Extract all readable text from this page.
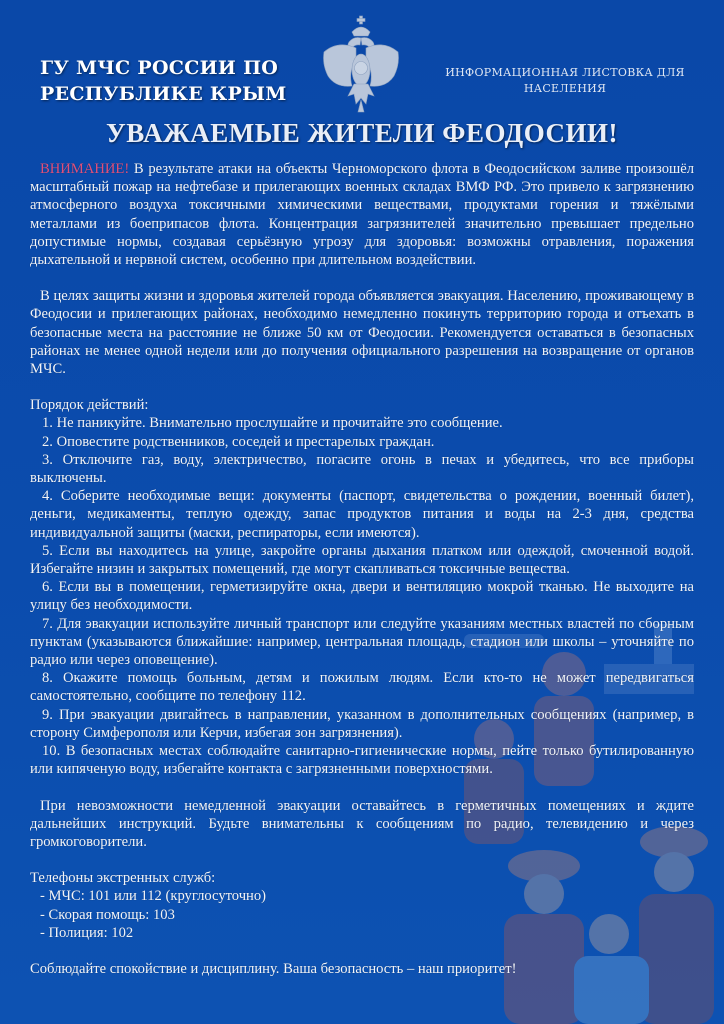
ГУ МЧС РОССИИ ПО
РЕСПУБЛИКЕ КРЫМ
ИНФОРМАЦИОННАЯ ЛИСТОВКА ДЛЯ
НАСЕЛЕНИЯ
УВАЖАЕМЫЕ ЖИТЕЛИ ФЕОДОСИИ!

ВНИМАНИЕ! В результате атаки на объекты Черноморского флота в Феодосийском заливе произошёл масштабный пожар на нефтебазе и прилегающих военных складах ВМФ РФ. Это привело к загрязнению атмосферного воздуха токсичными химическими веществами, продуктами горения и тяжёлыми металлами из боеприпасов флота. Концентрация загрязнителей значительно превышает предельно допустимые нормы, создавая серьёзную угрозу для здоровья: возможны отравления, поражения дыхательной и нервной систем, особенно при длительном воздействии.

В целях защиты жизни и здоровья жителей города объявляется эвакуация. Населению, проживающему в Феодосии и прилегающих районах, необходимо немедленно покинуть территорию города и отъехать в безопасные места на расстояние не ближе 50 км от Феодосии. Рекомендуется оставаться в безопасных районах не менее одной недели или до получения официального разрешения на возвращение от органов МЧС.

Порядок действий:

1. Не паникуйте. Внимательно прослушайте и прочитайте это сообщение.

2. Оповестите родственников, соседей и престарелых граждан.

3. Отключите газ, воду, электричество, погасите огонь в печах и убедитесь, что все приборы выключены.

4. Соберите необходимые вещи: документы (паспорт, свидетельства о рождении, военный билет), деньги, медикаменты, теплую одежду, запас продуктов питания и воды на 2-3 дня, средства индивидуальной защиты (маски, респираторы, если имеются).

5. Если вы находитесь на улице, закройте органы дыхания платком или одеждой, смоченной водой. Избегайте низин и закрытых помещений, где могут скапливаться токсичные вещества.

6. Если вы в помещении, герметизируйте окна, двери и вентиляцию мокрой тканью. Не выходите на улицу без необходимости.

7. Для эвакуации используйте личный транспорт или следуйте указаниям местных властей по сборным пунктам (указываются ближайшие: например, центральная площадь, стадион или школы – уточняйте по радио или через оповещение).

8. Окажите помощь больным, детям и пожилым людям. Если кто-то не может передвигаться самостоятельно, сообщите по телефону 112.

9. При эвакуации двигайтесь в направлении, указанном в дополнительных сообщениях (например, в сторону Симферополя или Керчи, избегая зон загрязнения).

10. В безопасных местах соблюдайте санитарно-гигиенические нормы, пейте только бутилированную или кипяченую воду, избегайте контакта с загрязненными поверхностями.

При невозможности немедленной эвакуации оставайтесь в герметичных помещениях и ждите дальнейших инструкций. Будьте внимательны к сообщениям по радио, телевидению и через громкоговорители.

Телефоны экстренных служб:

- МЧС: 101 или 112 (круглосуточно)

- Скорая помощь: 103

- Полиция: 102

Соблюдайте спокойствие и дисциплину. Ваша безопасность – наш приоритет!
